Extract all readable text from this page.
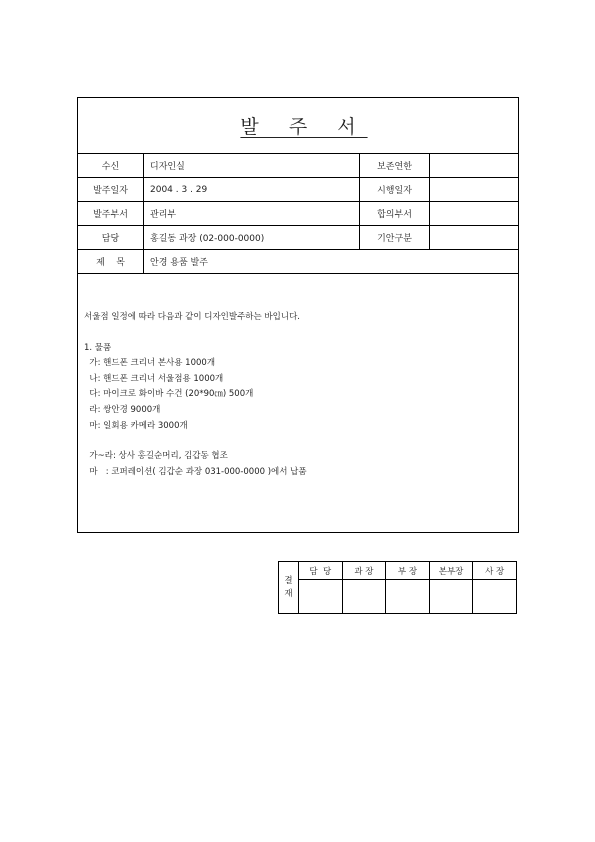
발 주 서
수신	디자인실	보존연한
발주일자	2004 . 3 . 29	시행일자
발주부서	관리부	합의부서
담당	홍길동 과장 (02-000-0000)	기안구분
제    목	안경 용품 발주
서울점 일정에 따라 다음과 같이 디자인발주하는 바입니다.
1. 물품
가: 핸드폰 크리너 본사용 1000개
나: 핸드폰 크리너 서울점용 1000개
다: 마이크로 화이바 수건 (20*90㎝) 500개
라: 쌍안경 9000개
마: 일회용 카메라 3000개
가~라: 상사 홍길순머리, 김갑동 협조
마   : 코퍼레이션( 김갑순 과장 031-000-0000 )에서 납품
결
재
담  당	과 장	부 장	본부장	사 장
